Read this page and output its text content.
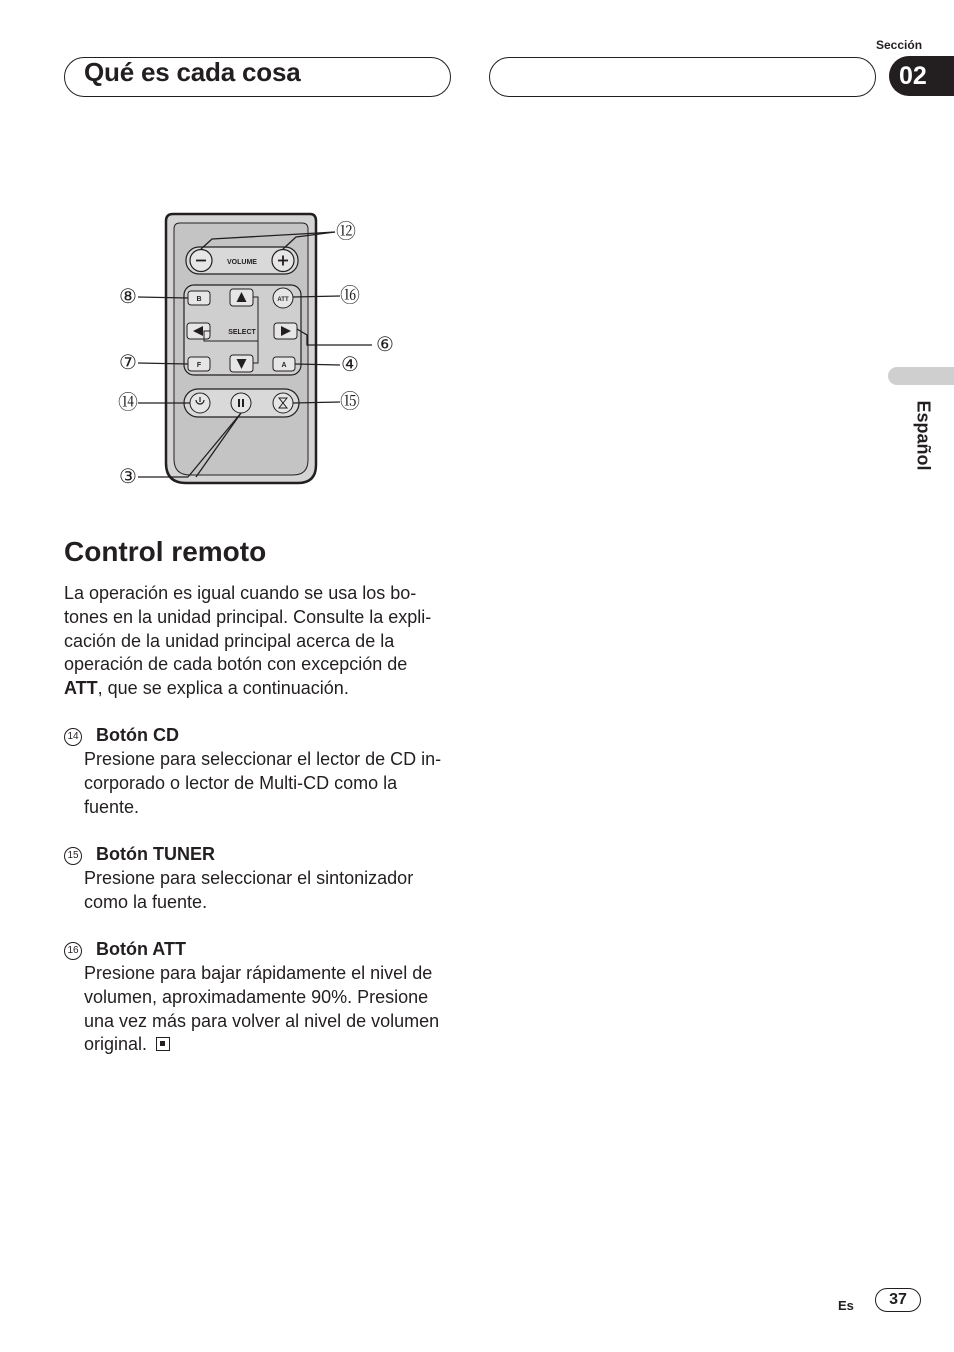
Qué es cada cosa
Sección
02
Español
VOLUME
B	ATT
SELECT
F	A
⑫
⑧	⑯
⑥
⑦	④
⑭	⑮
③
Control remoto
La operación es igual cuando se usa los bo-
tones en la unidad principal. Consulte la expli-
cación de la unidad principal acerca de la
operación de cada botón con excepción de
ATT, que se explica a continuación.
14 Botón CD
Presione para seleccionar el lector de CD in-
corporado o lector de Multi-CD como la
fuente.
15 Botón TUNER
Presione para seleccionar el sintonizador
como la fuente.
16 Botón ATT
Presione para bajar rápidamente el nivel de
volumen, aproximadamente 90%. Presione
una vez más para volver al nivel de volumen
original.
Es	37
